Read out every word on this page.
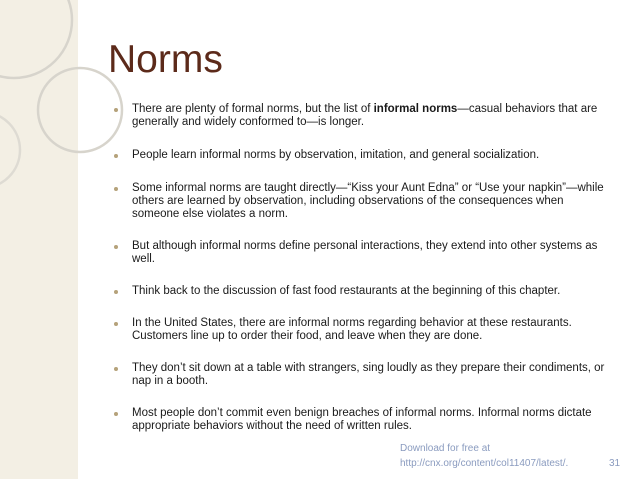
Norms
There are plenty of formal norms, but the list of informal norms—casual behaviors that are generally and widely conformed to—is longer.
People learn informal norms by observation, imitation, and general socialization.
Some informal norms are taught directly—“Kiss your Aunt Edna” or “Use your napkin”—while others are learned by observation, including observations of the consequences when someone else violates a norm.
But although informal norms define personal interactions, they extend into other systems as well.
Think back to the discussion of fast food restaurants at the beginning of this chapter.
In the United States, there are informal norms regarding behavior at these restaurants. Customers line up to order their food, and leave when they are done.
They don’t sit down at a table with strangers, sing loudly as they prepare their condiments, or nap in a booth.
Most people don’t commit even benign breaches of informal norms. Informal norms dictate appropriate behaviors without the need of written rules.
Download for free at
http://cnx.org/content/col11407/latest/.	31
